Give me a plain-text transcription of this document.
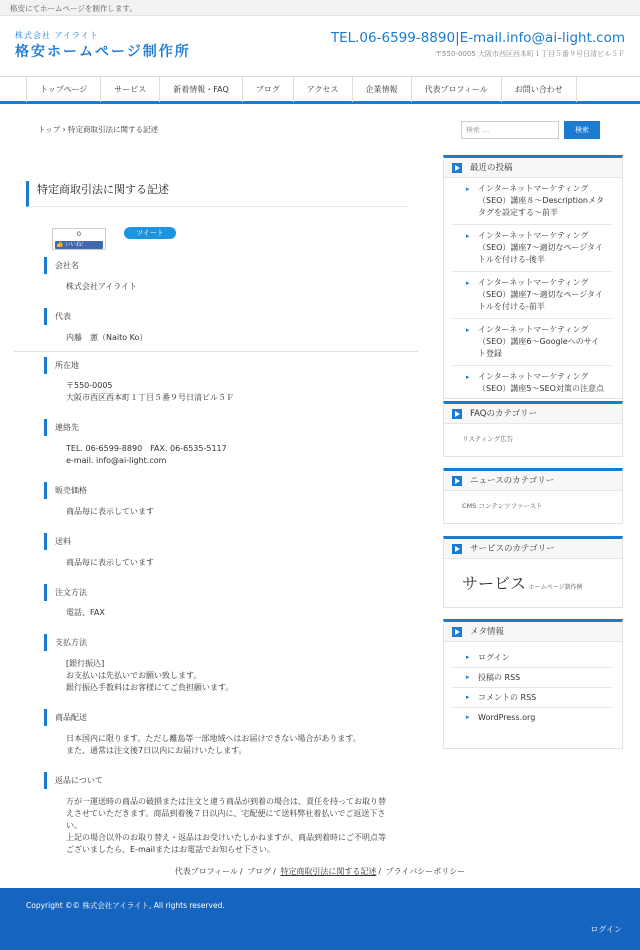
格安にてホームページを制作します。
株式会社 アイライト
格安ホームページ制作所
TEL.06-6599-8890|E-mail.info@ai-light.com
〒550-0005 大阪市西区西本町１丁目５番９号日清ビル５Ｆ
トップページ	サービス	新着情報・FAQ	ブログ	アクセス	企業情報	代表プロフィール	お問い合わせ
トップ › 特定商取引法に関する記述
特定商取引法に関する記述
0
👍 いいね！
ツイート
会社名
株式会社アイライト
代表
内藤　憲（Naito Ko）
所在地
〒550-0005
大阪市西区西本町１丁目５番９号日清ビル５Ｆ
連絡先
TEL. 06-6599-8890　FAX. 06-6535-5117
e-mail. info@ai-light.com
販売価格
商品毎に表示しています
送料
商品毎に表示しています
注文方法
電話、FAX
支払方法
[銀行振込]
お支払いは先払いでお願い致します。
銀行振込手数料はお客様にてご負担願います。
商品配送
日本国内に限ります。ただし離島等一部地域へはお届けできない場合があります。
また、通常は注文後7日以内にお届けいたします。
返品について
万が一運送時の商品の破損または注文と違う商品が到着の場合は、責任を持ってお取り替えさせていただきます。商品到着後７日以内に、宅配便にて送料弊社着払いでご返送下さい。
上記の場合以外のお取り替え・返品はお受けいたしかねますが、商品到着時にご不明点等ございましたら、E-mailまたはお電話でお知らせ下さい。
検索 …	検索
最近の投稿
▸ インターネットマーケティング（SEO）講座８～Descriptionメタタグを設定する～前半
▸ インターネットマーケティング（SEO）講座7～適切なページタイトルを付ける-後半
▸ インターネットマーケティング（SEO）講座7～適切なページタイトルを付ける-前半
▸ インターネットマーケティング（SEO）講座6～Googleへのサイト登録
▸ インターネットマーケティング（SEO）講座5～SEO対策の注意点
FAQのカテゴリー
リスティング広告
ニュースのカテゴリー
CMS コンテンツファースト
サービスのカテゴリー
サービス ホームページ制作例
メタ情報
▸ ログイン
▸ 投稿の RSS
▸ コメントの RSS
▸ WordPress.org
代表プロフィール / ブログ / 特定商取引法に関する記述 / プライバシーポリシー
Copyright ©© 株式会社アイライト, All rights reserved.
ログイン
